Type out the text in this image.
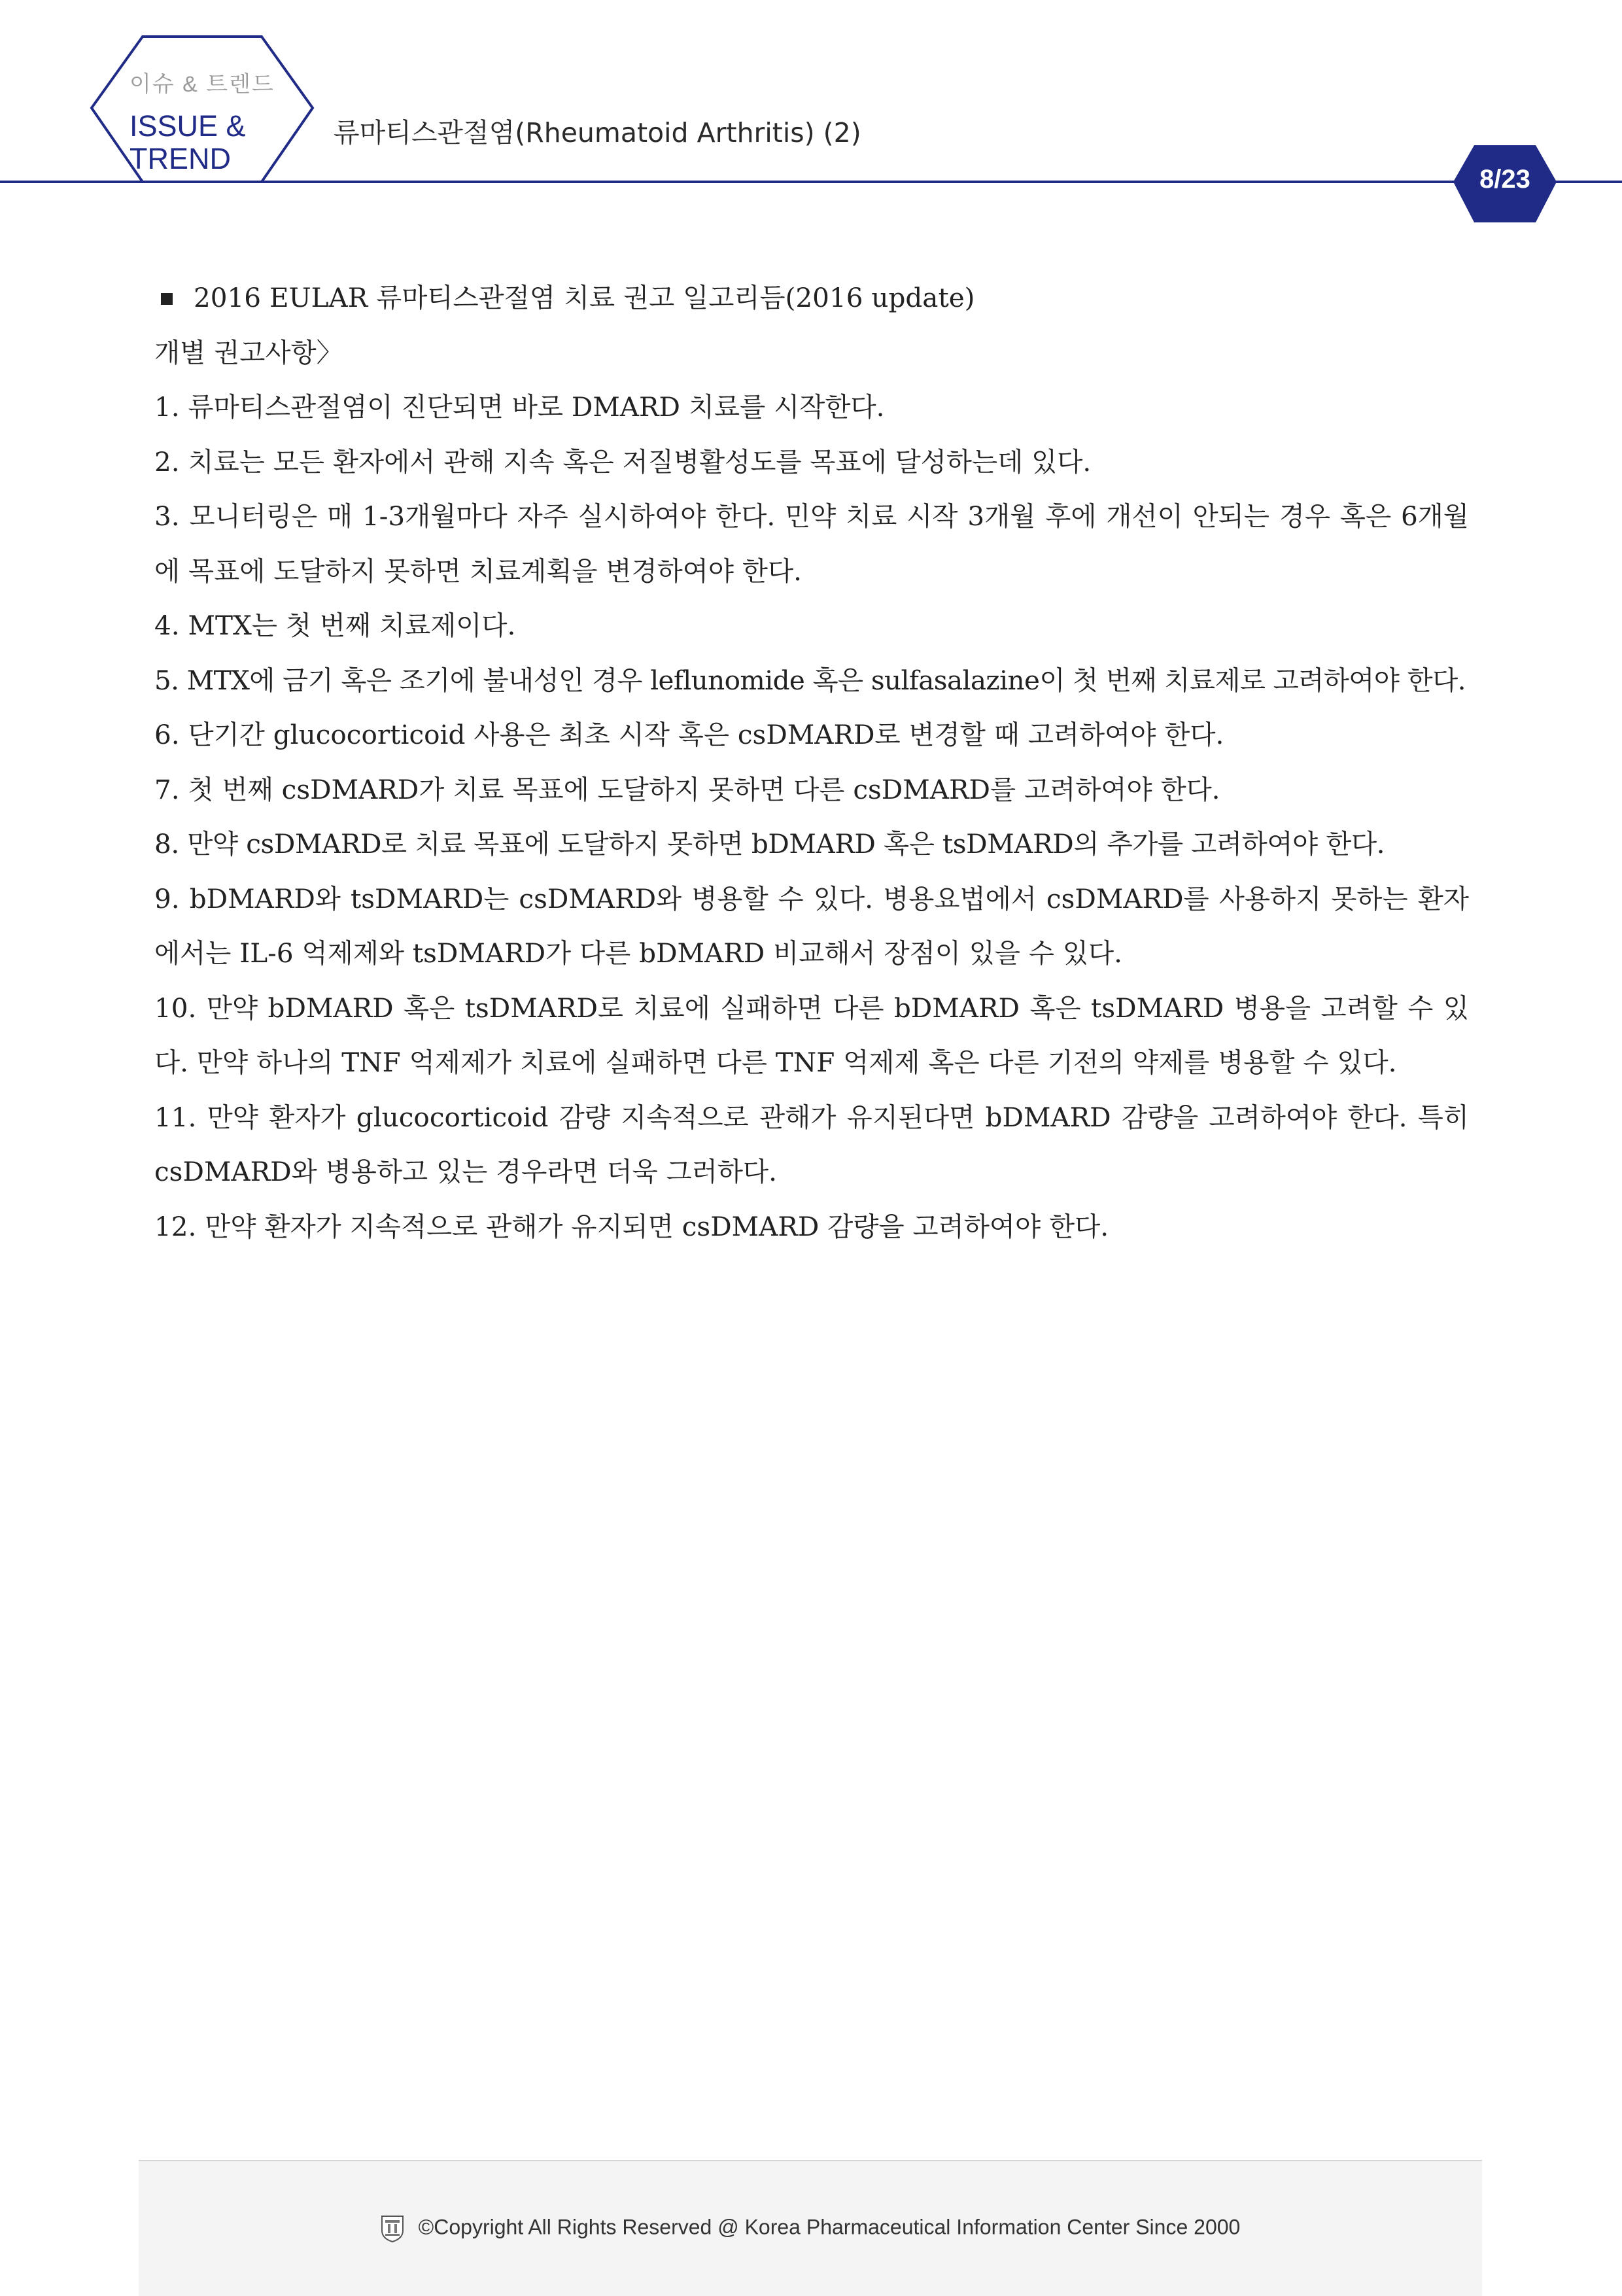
이슈 & 트렌드
ISSUE &
TREND
류마티스관절염(Rheumatoid Arthritis) (2)
8/23
2016 EULAR 류마티스관절염 치료 권고 일고리듬(2016 update)

개별 권고사항〉

1. 류마티스관절염이 진단되면 바로 DMARD 치료를 시작한다.

2. 치료는 모든 환자에서 관해 지속 혹은 저질병활성도를 목표에 달성하는데 있다.

3. 모니터링은 매 1-3개월마다 자주 실시하여야 한다. 민약 치료 시작 3개월 후에 개선이 안되는 경우 혹은 6개월에 목표에 도달하지 못하면 치료계획을 변경하여야 한다.

4. MTX는 첫 번째 치료제이다.

5. MTX에 금기 혹은 조기에 불내성인 경우 leflunomide 혹은 sulfasalazine이 첫 번째 치료제로 고려하여야 한다.

6. 단기간 glucocorticoid 사용은 최초 시작 혹은 csDMARD로 변경할 때 고려하여야 한다.

7. 첫 번째 csDMARD가 치료 목표에 도달하지 못하면 다른 csDMARD를 고려하여야 한다.

8. 만약 csDMARD로 치료 목표에 도달하지 못하면 bDMARD 혹은 tsDMARD의 추가를 고려하여야 한다.

9. bDMARD와 tsDMARD는 csDMARD와 병용할 수 있다. 병용요법에서 csDMARD를 사용하지 못하는 환자에서는 IL-6 억제제와 tsDMARD가 다른 bDMARD 비교해서 장점이 있을 수 있다.

10. 만약 bDMARD 혹은 tsDMARD로 치료에 실패하면 다른 bDMARD 혹은 tsDMARD 병용을 고려할 수 있다. 만약 하나의 TNF 억제제가 치료에 실패하면 다른 TNF 억제제 혹은 다른 기전의 약제를 병용할 수 있다.

11. 만약 환자가 glucocorticoid 감량 지속적으로 관해가 유지된다면 bDMARD 감량을 고려하여야 한다. 특히 csDMARD와 병용하고 있는 경우라면 더욱 그러하다.

12. 만약 환자가 지속적으로 관해가 유지되면 csDMARD 감량을 고려하여야 한다.

©Copyright All Rights Reserved @ Korea Pharmaceutical Information Center Since 2000
